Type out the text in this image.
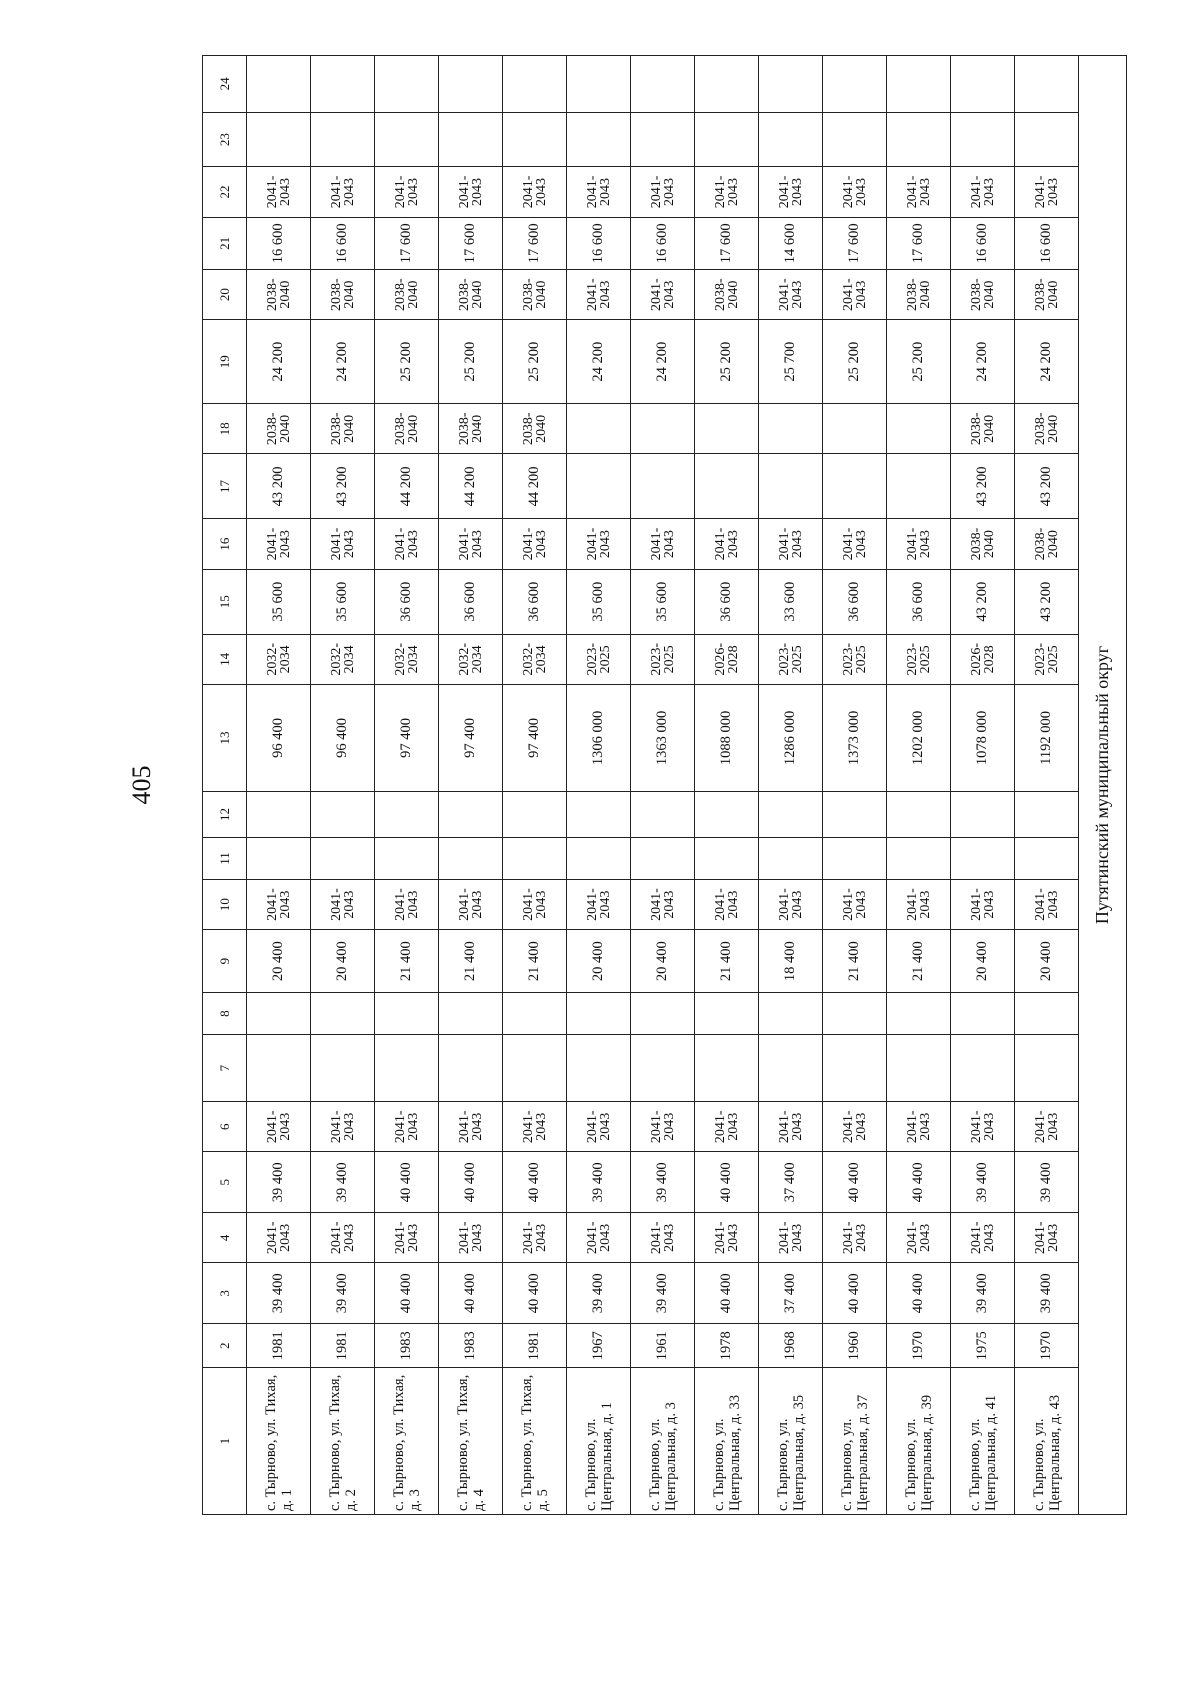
405
1	2	3	4	5	6	7	8	9	10	11	12	13	14	15	16	17	18	19	20	21	22	23	24
с. Тырново, ул. Тихая, д. 1	1981	39 400	2041-2043	39 400	2041-2043			20 400	2041-2043			96 400	2032-2034	35 600	2041-2043	43 200	2038-2040	24 200	2038-2040	16 600	2041-2043		
с. Тырново, ул. Тихая, д. 2	1981	39 400	2041-2043	39 400	2041-2043			20 400	2041-2043			96 400	2032-2034	35 600	2041-2043	43 200	2038-2040	24 200	2038-2040	16 600	2041-2043		
с. Тырново, ул. Тихая, д. 3	1983	40 400	2041-2043	40 400	2041-2043			21 400	2041-2043			97 400	2032-2034	36 600	2041-2043	44 200	2038-2040	25 200	2038-2040	17 600	2041-2043		
с. Тырново, ул. Тихая, д. 4	1983	40 400	2041-2043	40 400	2041-2043			21 400	2041-2043			97 400	2032-2034	36 600	2041-2043	44 200	2038-2040	25 200	2038-2040	17 600	2041-2043		
с. Тырново, ул. Тихая, д. 5	1981	40 400	2041-2043	40 400	2041-2043			21 400	2041-2043			97 400	2032-2034	36 600	2041-2043	44 200	2038-2040	25 200	2038-2040	17 600	2041-2043		
с. Тырново, ул. Центральная, д. 1	1967	39 400	2041-2043	39 400	2041-2043			20 400	2041-2043			1306 000	2023-2025	35 600	2041-2043			24 200	2041-2043	16 600	2041-2043		
с. Тырново, ул. Центральная, д. 3	1961	39 400	2041-2043	39 400	2041-2043			20 400	2041-2043			1363 000	2023-2025	35 600	2041-2043			24 200	2041-2043	16 600	2041-2043		
с. Тырново, ул. Центральная, д. 33	1978	40 400	2041-2043	40 400	2041-2043			21 400	2041-2043			1088 000	2026-2028	36 600	2041-2043			25 200	2038-2040	17 600	2041-2043		
с. Тырново, ул. Центральная, д. 35	1968	37 400	2041-2043	37 400	2041-2043			18 400	2041-2043			1286 000	2023-2025	33 600	2041-2043			25 700	2041-2043	14 600	2041-2043		
с. Тырново, ул. Центральная, д. 37	1960	40 400	2041-2043	40 400	2041-2043			21 400	2041-2043			1373 000	2023-2025	36 600	2041-2043			25 200	2041-2043	17 600	2041-2043		
с. Тырново, ул. Центральная, д. 39	1970	40 400	2041-2043	40 400	2041-2043			21 400	2041-2043			1202 000	2023-2025	36 600	2041-2043			25 200	2038-2040	17 600	2041-2043		
с. Тырново, ул. Центральная, д. 41	1975	39 400	2041-2043	39 400	2041-2043			20 400	2041-2043			1078 000	2026-2028	43 200	2038-2040	43 200	2038-2040	24 200	2038-2040	16 600	2041-2043		
с. Тырново, ул. Центральная, д. 43	1970	39 400	2041-2043	39 400	2041-2043			20 400	2041-2043			1192 000	2023-2025	43 200	2038-2040	43 200	2038-2040	24 200	2038-2040	16 600	2041-2043		
Путятинский муниципальный округ																							
